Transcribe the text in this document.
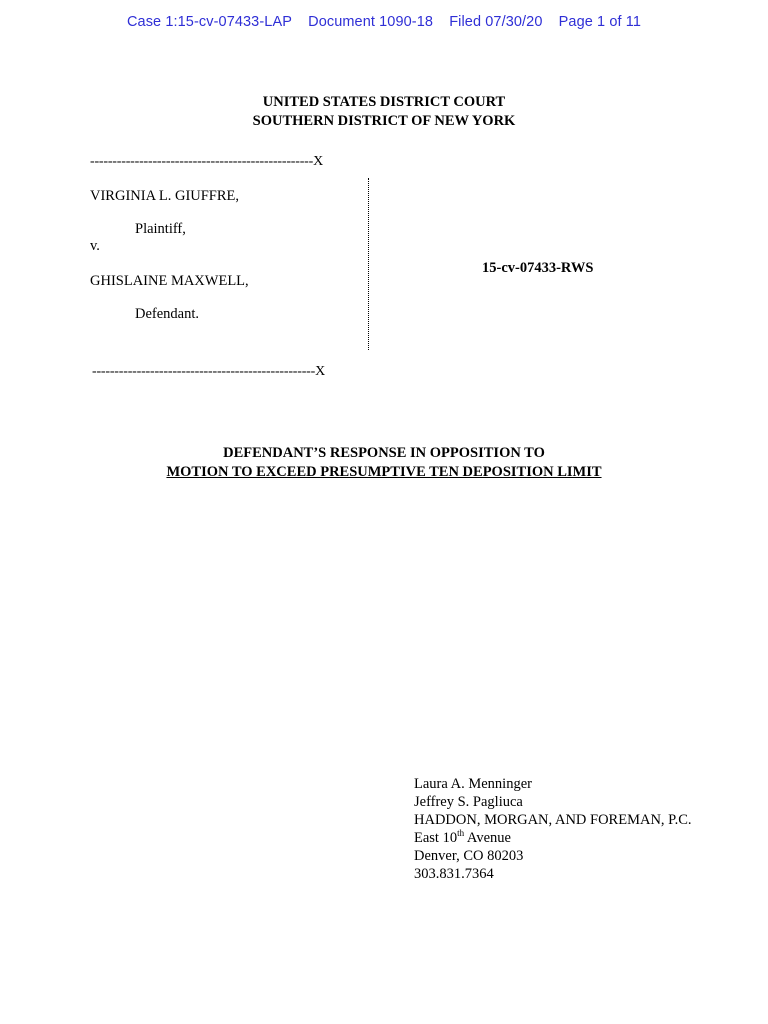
Case 1:15-cv-07433-LAP Document 1090-18 Filed 07/30/20 Page 1 of 11
UNITED STATES DISTRICT COURT
SOUTHERN DISTRICT OF NEW YORK
--------------------------------------------------X
VIRGINIA L. GIUFFRE,
Plaintiff,
v.
GHISLAINE MAXWELL,
Defendant.
15-cv-07433-RWS
--------------------------------------------------X
DEFENDANT’S RESPONSE IN OPPOSITION TO
MOTION TO EXCEED PRESUMPTIVE TEN DEPOSITION LIMIT
Laura A. Menninger
Jeffrey S. Pagliuca
HADDON, MORGAN, AND FOREMAN, P.C.
East 10th Avenue
Denver, CO 80203
303.831.7364
